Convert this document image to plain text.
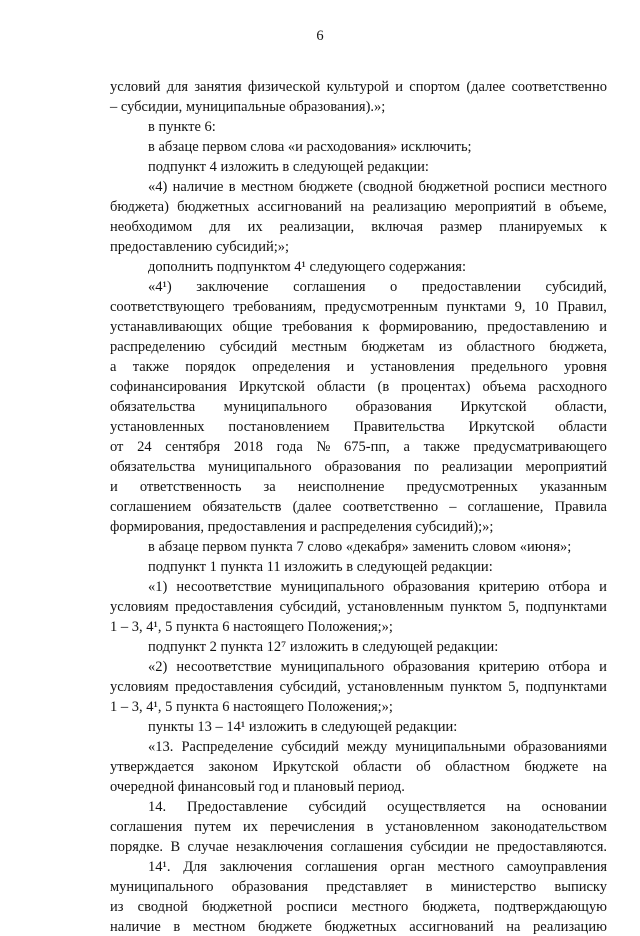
6
условий для занятия физической культурой и спортом (далее соответственно
– субсидии, муниципальные образования).»;
в пункте 6:
в абзаце первом слова «и расходования» исключить;
подпункт 4 изложить в следующей редакции:
«4) наличие в местном бюджете (сводной бюджетной росписи местного
бюджета) бюджетных ассигнований на реализацию мероприятий в объеме,
необходимом для их реализации, включая размер планируемых к
предоставлению субсидий;»;
дополнить подпунктом 4¹ следующего содержания:
«4¹) заключение соглашения о предоставлении субсидий,
соответствующего требованиям, предусмотренным пунктами 9, 10 Правил,
устанавливающих общие требования к формированию, предоставлению и
распределению субсидий местным бюджетам из областного бюджета,
а также порядок определения и установления предельного уровня
софинансирования Иркутской области (в процентах) объема расходного
обязательства муниципального образования Иркутской области,
установленных постановлением Правительства Иркутской области
от 24 сентября 2018 года № 675-пп, а также предусматривающего
обязательства муниципального образования по реализации мероприятий
и ответственность за неисполнение предусмотренных указанным
соглашением обязательств (далее соответственно – соглашение, Правила
формирования, предоставления и распределения субсидий);»;
в абзаце первом пункта 7 слово «декабря» заменить словом «июня»;
подпункт 1 пункта 11 изложить в следующей редакции:
«1) несоответствие муниципального образования критерию отбора и
условиям предоставления субсидий, установленным пунктом 5, подпунктами
1 – 3, 4¹, 5 пункта 6 настоящего Положения;»;
подпункт 2 пункта 12⁷ изложить в следующей редакции:
«2) несоответствие муниципального образования критерию отбора и
условиям предоставления субсидий, установленным пунктом 5, подпунктами
1 – 3, 4¹, 5 пункта 6 настоящего Положения;»;
пункты 13 – 14¹ изложить в следующей редакции:
«13. Распределение субсидий между муниципальными образованиями
утверждается законом Иркутской области об областном бюджете на
очередной финансовый год и плановый период.
14. Предоставление субсидий осуществляется на основании
соглашения путем их перечисления в установленном законодательством
порядке. В случае незаключения соглашения субсидии не предоставляются.
14¹. Для заключения соглашения орган местного самоуправления
муниципального образования представляет в министерство выписку
из сводной бюджетной росписи местного бюджета, подтверждающую
наличие в местном бюджете бюджетных ассигнований на реализацию
